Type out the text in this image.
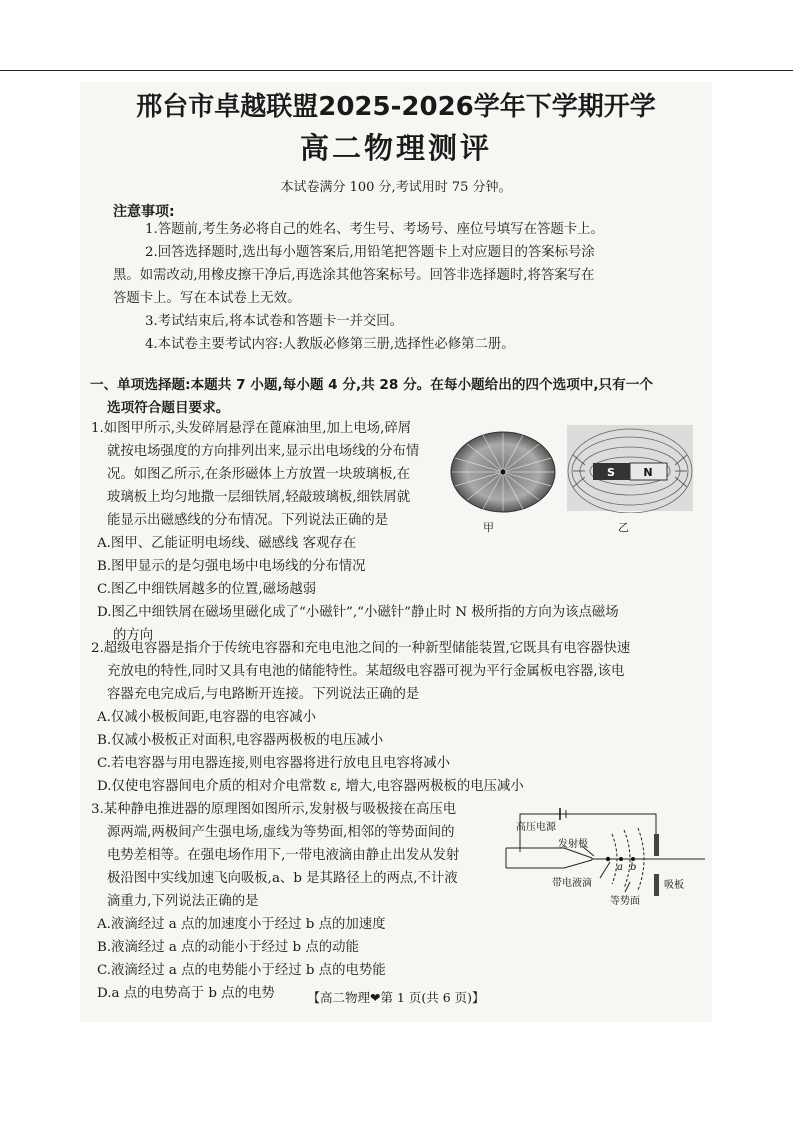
邢台市卓越联盟2025-2026学年下学期开学
高二物理测评
本试卷满分 100 分,考试用时 75 分钟。
注意事项:
1.答题前,考生务必将自己的姓名、考生号、考场号、座位号填写在答题卡上。
2.回答选择题时,选出每小题答案后,用铅笔把答题卡上对应题目的答案标号涂
黑。如需改动,用橡皮擦干净后,再选涂其他答案标号。回答非选择题时,将答案写在
答题卡上。写在本试卷上无效。
3.考试结束后,将本试卷和答题卡一并交回。
4.本试卷主要考试内容:人教版必修第三册,选择性必修第二册。
一、单项选择题:本题共 7 小题,每小题 4 分,共 28 分。在每小题给出的四个选项中,只有一个
选项符合题目要求。
1.如图甲所示,头发碎屑悬浮在蓖麻油里,加上电场,碎屑
就按电场强度的方向排列出来,显示出电场线的分布情
况。如图乙所示,在条形磁体上方放置一块玻璃板,在
玻璃板上均匀地撒一层细铁屑,轻敲玻璃板,细铁屑就
能显示出磁感线的分布情况。下列说法正确的是
A.图甲、乙能证明电场线、磁感线 客观存在
B.图甲显示的是匀强电场中电场线的分布情况
C.图乙中细铁屑越多的位置,磁场越弱
D.图乙中细铁屑在磁场里磁化成了“小磁针”,“小磁针”静止时 N 极所指的方向为该点磁场
的方向
甲
S	N
乙
2.超级电容器是指介于传统电容器和充电电池之间的一种新型储能装置,它既具有电容器快速
充放电的特性,同时又具有电池的储能特性。某超级电容器可视为平行金属板电容器,该电
容器充电完成后,与电路断开连接。下列说法正确的是
A.仅减小极板间距,电容器的电容减小
B.仅减小极板正对面积,电容器两极板的电压减小
C.若电容器与用电器连接,则电容器将进行放电且电容将减小
D.仅使电容器间电介质的相对介电常数 ε, 增大,电容器两极板的电压减小
3.某种静电推进器的原理图如图所示,发射极与吸极接在高压电
源两端,两极间产生强电场,虚线为等势面,相邻的等势面间的
电势差相等。在强电场作用下,一带电液滴由静止出发从发射
极沿图中实线加速飞向吸板,a、b 是其路径上的两点,不计液
滴重力,下列说法正确的是
A.液滴经过 a 点的加速度小于经过 b 点的加速度
B.液滴经过 a 点的动能小于经过 b 点的动能
C.液滴经过 a 点的电势能小于经过 b 点的电势能
D.a 点的电势高于 b 点的电势
高压电源
发射极
a b
带电液滴	吸板
等势面
【高二物理❤第 1 页(共 6 页)】
